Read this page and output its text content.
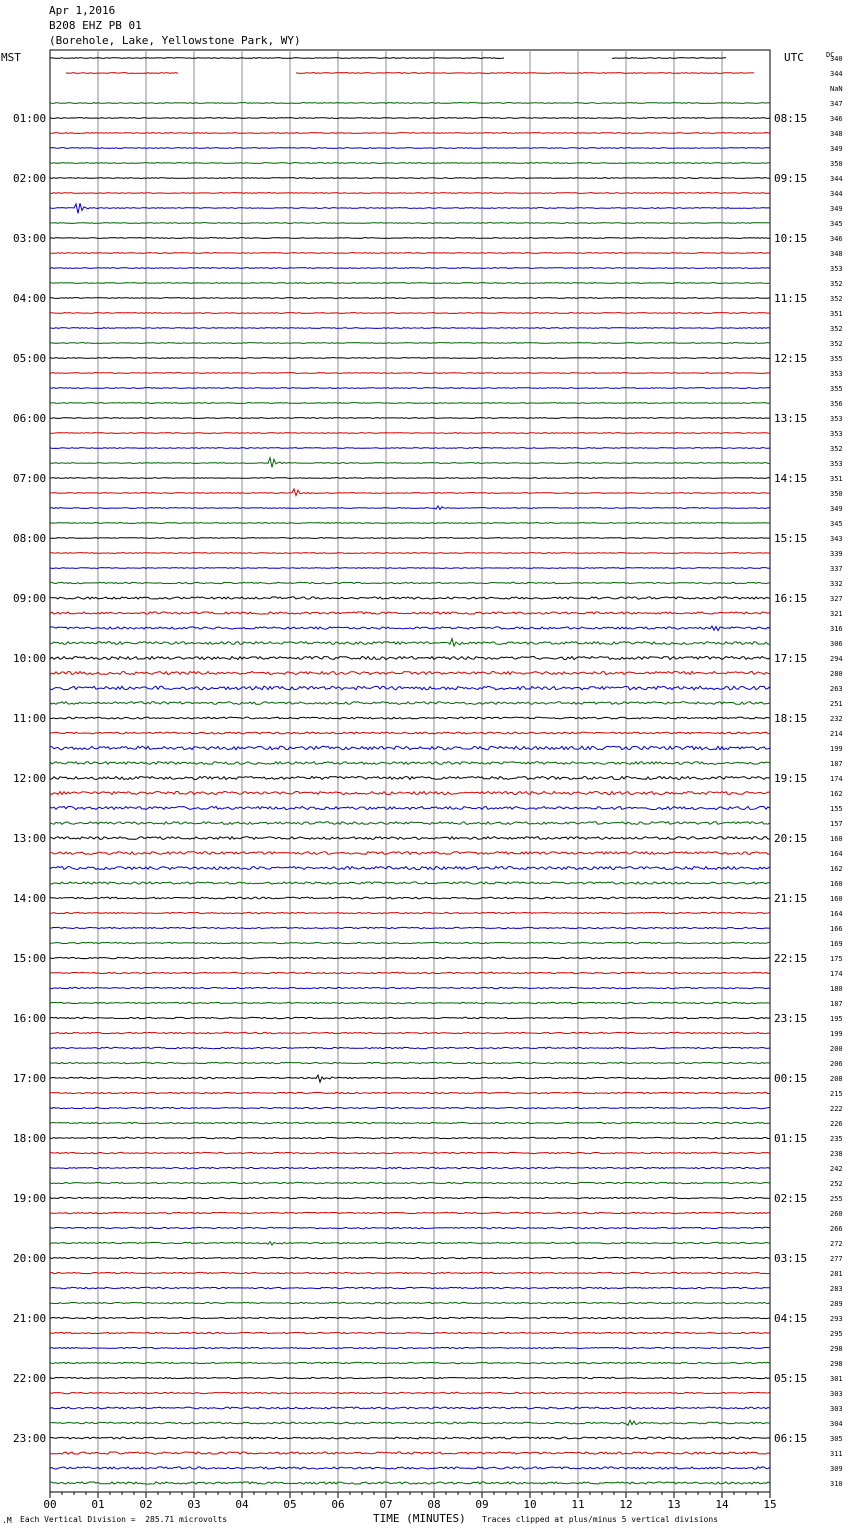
Apr 1,2016
B208 EHZ PB 01
(Borehole, Lake, Yellowstone Park, WY)
00	01	02	03	04	05	06	07	08	09	10	11	12	13	14	15
340
344
NaN
347
346
348
349
350
344
344
349
345
346
348
353
352
352
351
352
352
355
353
355
356
353
353
352
353
351
350
349
345
343
339
337
332
327
321
316
306
294
280
263
251
232
214
199
187
174
162
155
157
160
164
162
160
160
164
166
169
175
174
180
187
195
199
200
206
208
215
222
226
235
238
242
252
255
260
266
272
277
281
283
289
293
295
298
298
301
303
303
304
305
311
309
310
01:00	08:15
02:00	09:15
03:00	10:15
04:00	11:15
05:00	12:15
06:00	13:15
07:00	14:15
08:00	15:15
09:00	16:15
10:00	17:15
11:00	18:15
12:00	19:15
13:00	20:15
14:00	21:15
15:00	22:15
16:00	23:15
17:00	00:15
18:00	01:15
19:00	02:15
20:00	03:15
21:00	04:15
22:00	05:15
23:00	06:15
MST	UTC	DC
.M Each Vertical Division =  285.71 microvolts	TIME (MINUTES) Traces clipped at plus/minus 5 vertical divisions
